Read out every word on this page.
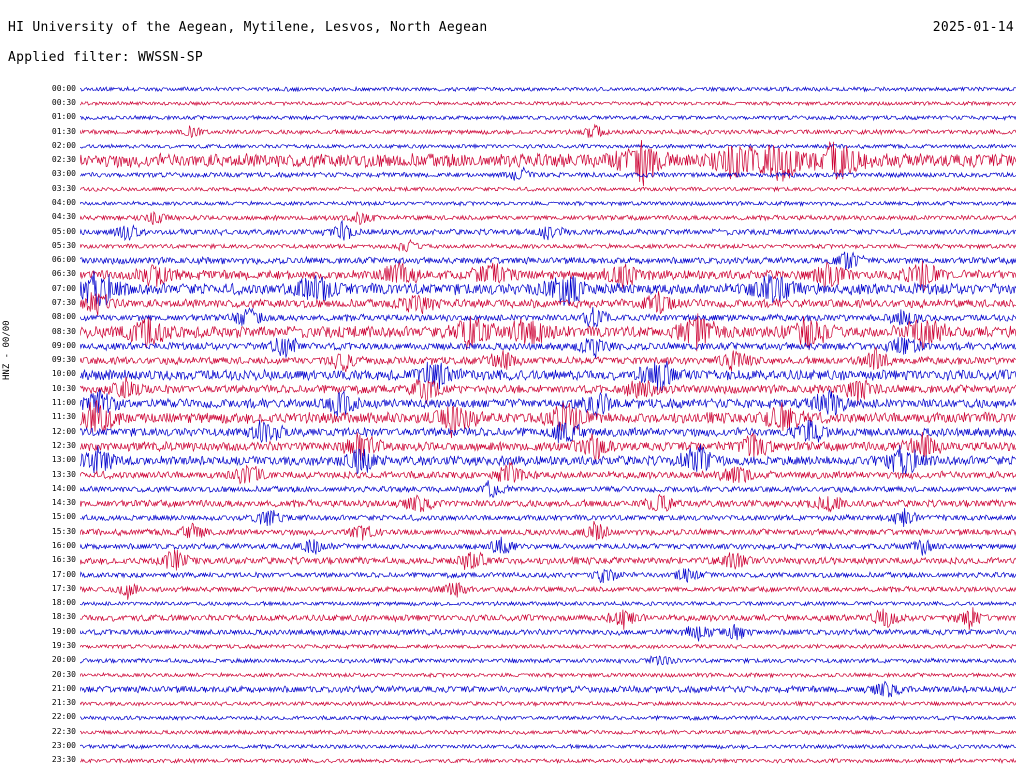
HI University of the Aegean, Mytilene, Lesvos, North Aegean	2025-01-14
Applied filter: WWSSN-SP
HNZ - 00/00
00:00
00:30
01:00
01:30
02:00
02:30
03:00
03:30
04:00
04:30
05:00
05:30
06:00
06:30
07:00
07:30
08:00
08:30
09:00
09:30
10:00
10:30
11:00
11:30
12:00
12:30
13:00
13:30
14:00
14:30
15:00
15:30
16:00
16:30
17:00
17:30
18:00
18:30
19:00
19:30
20:00
20:30
21:00
21:30
22:00
22:30
23:00
23:30
